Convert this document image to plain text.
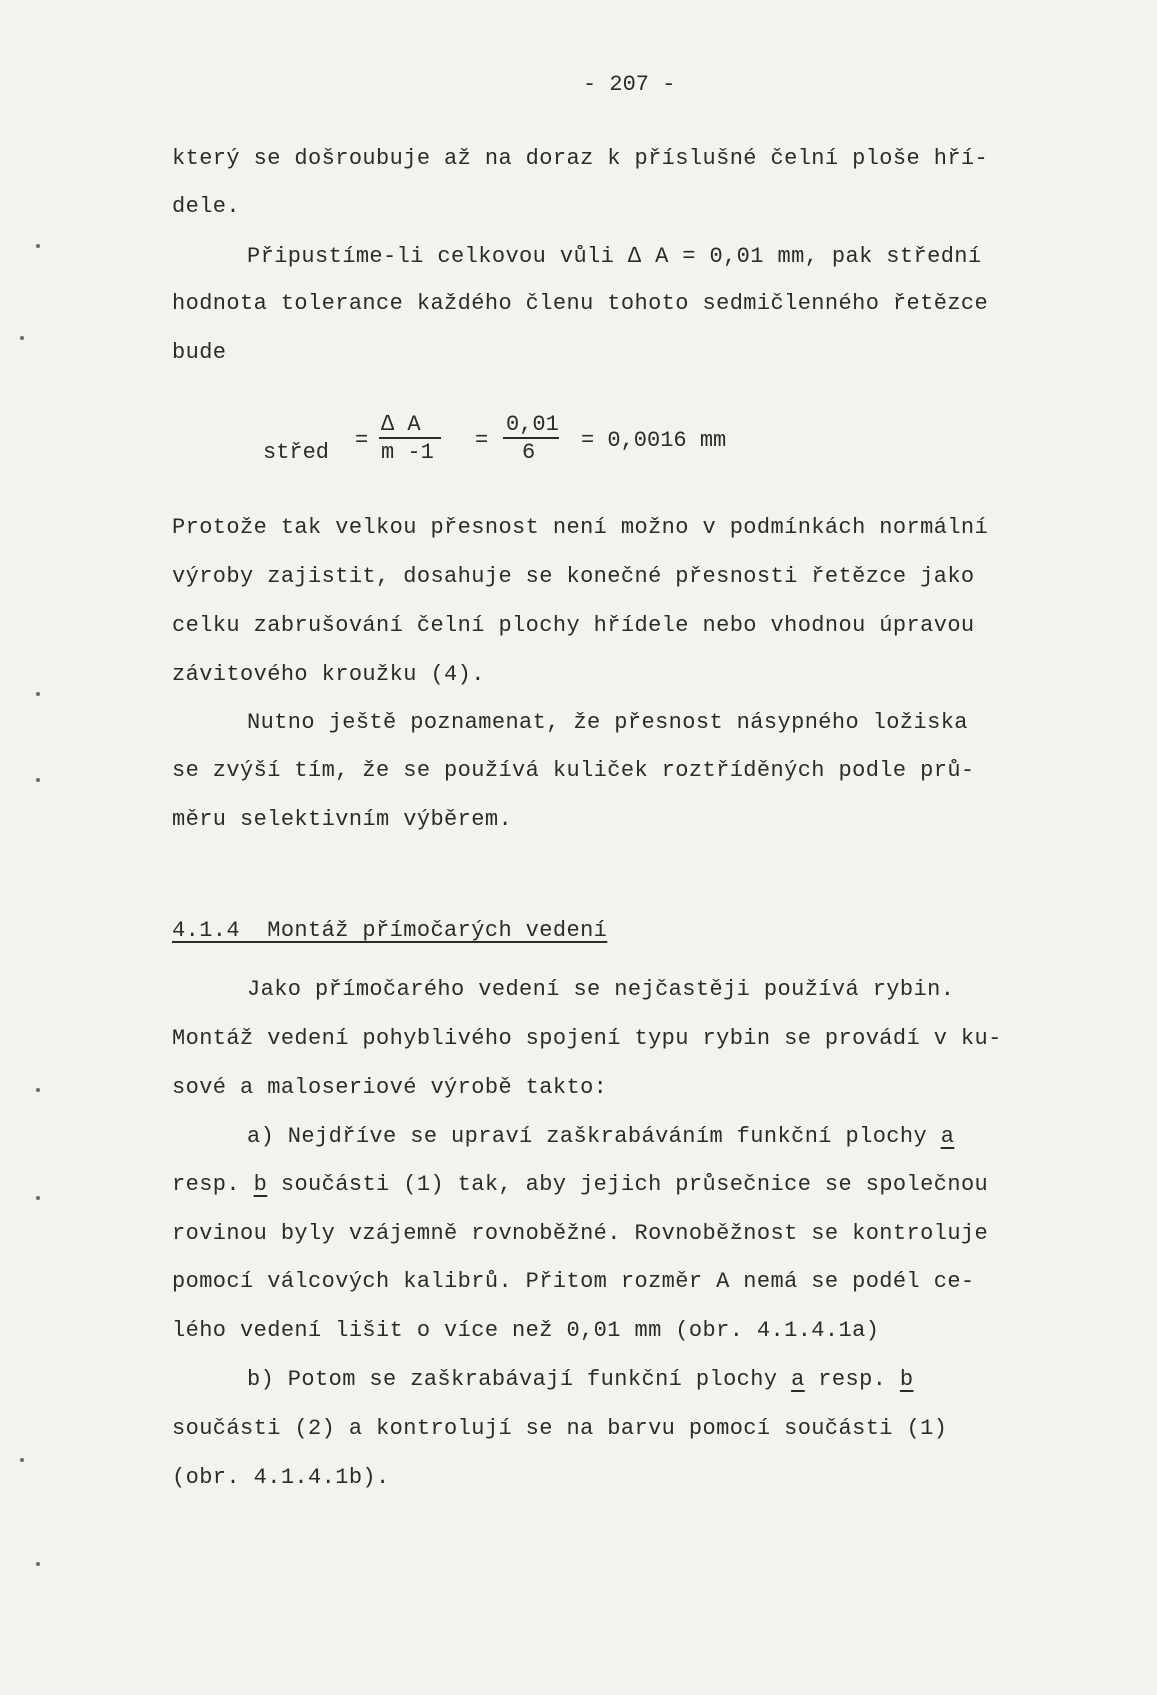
- 207 -
který se došroubuje až na doraz k příslušné čelní ploše hří-
dele.
Připustíme-li celkovou vůli ∆ A = 0,01 mm, pak střední
hodnota tolerance každého členu tohoto sedmičlenného řetězce
bude
střed =
∆ A
m -1 =
0,01
6 = 0,0016 mm
Protože tak velkou přesnost není možno v podmínkách normální
výroby zajistit, dosahuje se konečné přesnosti řetězce jako
celku zabrušování čelní plochy hřídele nebo vhodnou úpravou
závitového kroužku (4).
Nutno ještě poznamenat, že přesnost násypného ložiska
se zvýší tím, že se používá kuliček roztříděných podle prů-
měru selektivním výběrem.
4.1.4  Montáž přímočarých vedení
Jako přímočarého vedení se nejčastěji používá rybin.
Montáž vedení pohyblivého spojení typu rybin se provádí v ku-
sové a maloseriové výrobě takto:
a) Nejdříve se upraví zaškrabáváním funkční plochy a
resp. b součásti (1) tak, aby jejich průsečnice se společnou
rovinou byly vzájemně rovnoběžné. Rovnoběžnost se kontroluje
pomocí válcových kalibrů. Přitom rozměr A nemá se podél ce-
lého vedení lišit o více než 0,01 mm (obr. 4.1.4.1a)
b) Potom se zaškrabávají funkční plochy a resp. b
součásti (2) a kontrolují se na barvu pomocí součásti (1)
(obr. 4.1.4.1b).
